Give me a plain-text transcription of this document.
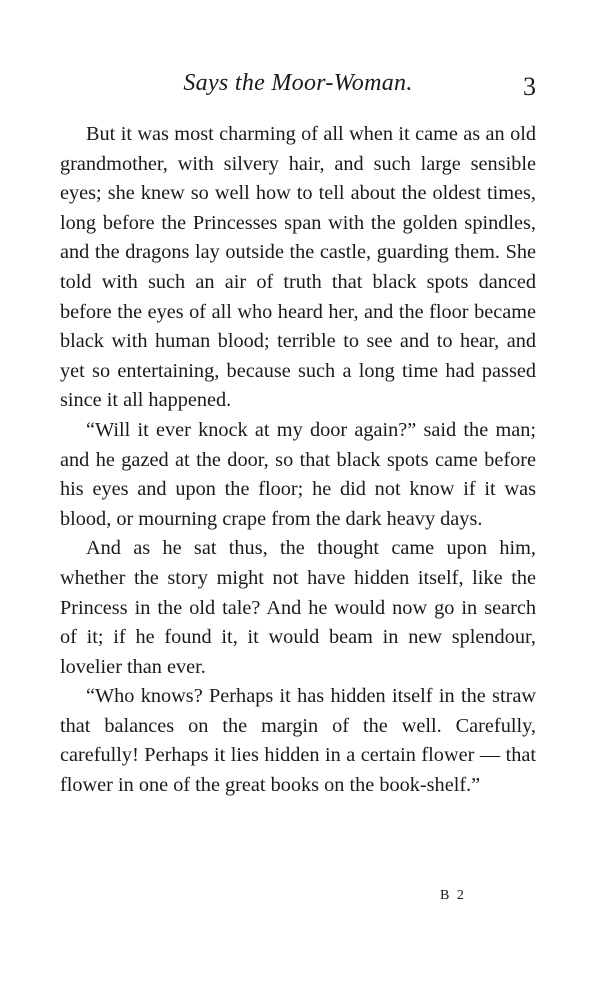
Says the Moor-Woman.	3

But it was most charming of all when it came as an old grandmother, with silvery hair, and such large sensible eyes; she knew so well how to tell about the oldest times, long before the Princesses span with the golden spindles, and the dragons lay outside the castle, guarding them. She told with such an air of truth that black spots danced before the eyes of all who heard her, and the floor became black with human blood; terrible to see and to hear, and yet so entertaining, because such a long time had passed since it all happened.

“Will it ever knock at my door again?” said the man; and he gazed at the door, so that black spots came before his eyes and upon the floor; he did not know if it was blood, or mourning crape from the dark heavy days.

And as he sat thus, the thought came upon him, whether the story might not have hidden itself, like the Princess in the old tale? And he would now go in search of it; if he found it, it would beam in new splendour, lovelier than ever.

“Who knows? Perhaps it has hidden itself in the straw that balances on the margin of the well. Carefully, carefully! Perhaps it lies hidden in a certain flower — that flower in one of the great books on the book-shelf.”

B 2
